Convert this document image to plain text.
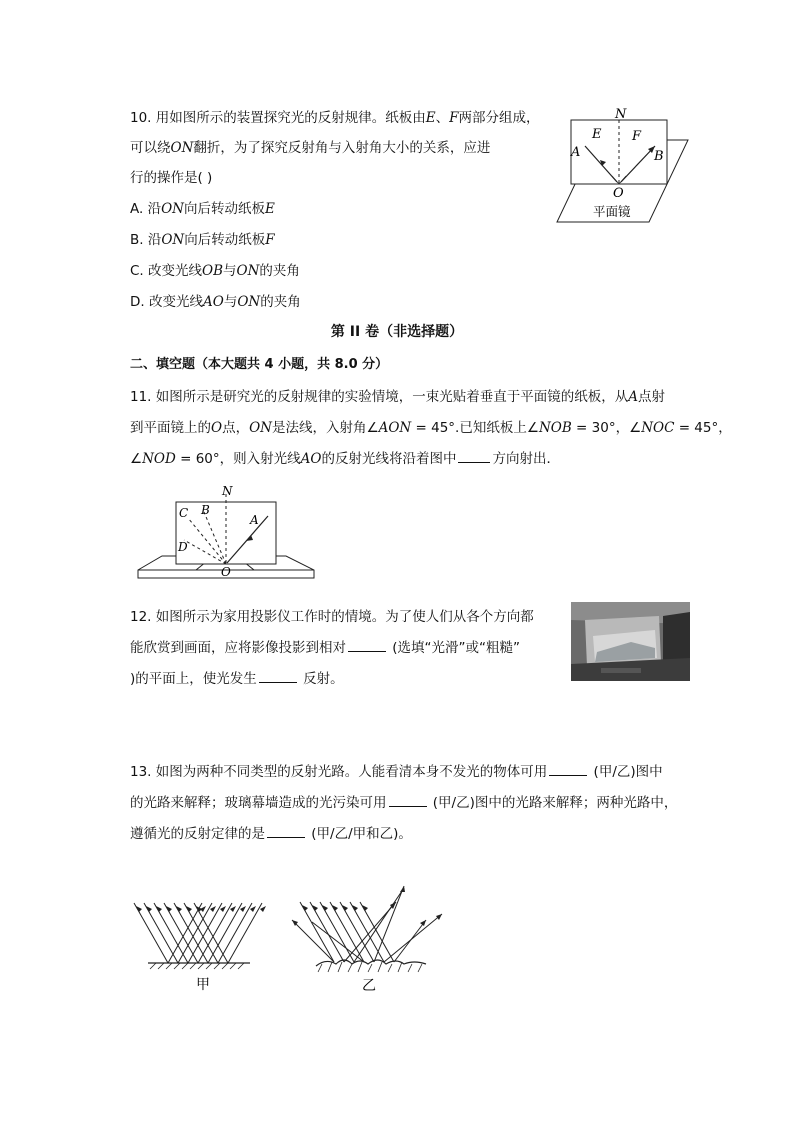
10. 用如图所示的装置探究光的反射规律。纸板由E、F两部分组成，
可以绕ON翻折，为了探究反射角与入射角大小的关系，应进
行的操作是( )
A. 沿ON向后转动纸板E
B. 沿ON向后转动纸板F
C. 改变光线OB与ON的夹角
D. 改变光线AO与ON的夹角
N
E F
A	B
O
平面镜
第 II 卷（非选择题）
二、填空题（本大题共 4 小题，共 8.0 分）
11. 如图所示是研究光的反射规律的实验情境，一束光贴着垂直于平面镜的纸板，从A点射
到平面镜上的O点，ON是法线，入射角∠AON = 45°.已知纸板上∠NOB = 30°，∠NOC = 45°，
∠NOD = 60°，则入射光线AO的反射光线将沿着图中	方向射出．
N
A
B
C
D
O
12. 如图所示为家用投影仪工作时的情境。为了使人们从各个方向都
能欣赏到画面，应将影像投影到相对	(选填“光滑”或“粗糙”
)的平面上，使光发生	反射。
13. 如图为两种不同类型的反射光路。人能看清本身不发光的物体可用	(甲/乙)图中
的光路来解释；玻璃幕墙造成的光污染可用	(甲/乙)图中的光路来解释；两种光路中，
遵循光的反射定律的是	(甲/乙/甲和乙)。
甲	乙
